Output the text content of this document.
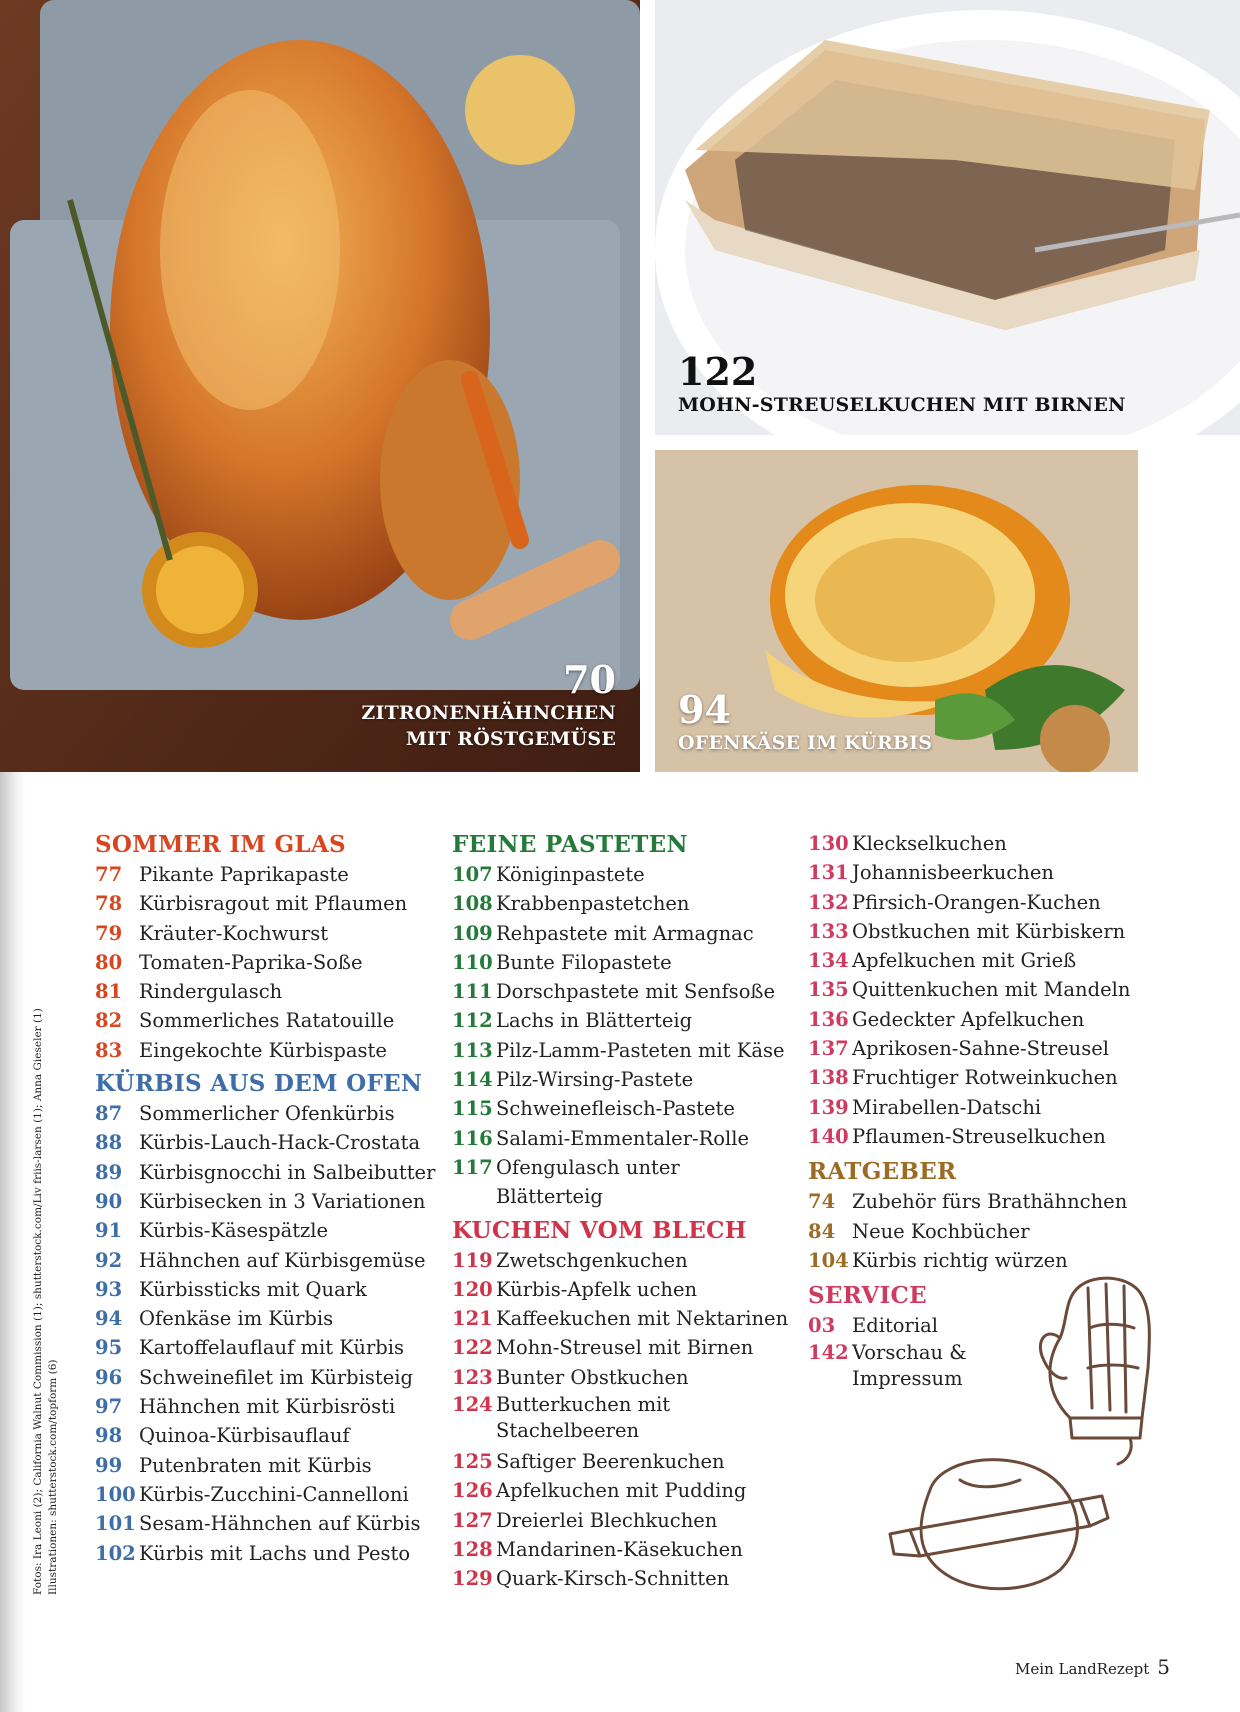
70
ZITRONENHÄHNCHEN
MIT RÖSTGEMÜSE
122
MOHN-STREUSELKUCHEN MIT BIRNEN
94
OFENKÄSE IM KÜRBIS
Fotos: Ira Leoni (2); California Walnut Commission (1); shutterstock.com/Liv friis-larsen (1); Anna Gieseler (1) Illustrationen: shutterstock.com/topform (6)
SOMMER IM GLAS
77 Pikante Paprikapaste
78 Kürbisragout mit Pflaumen
79 Kräuter-Kochwurst
80 Tomaten-Paprika-Soße
81 Rindergulasch
82 Sommerliches Ratatouille
83 Eingekochte Kürbispaste
KÜRBIS AUS DEM OFEN
87 Sommerlicher Ofenkürbis
88 Kürbis-Lauch-Hack-Crostata
89 Kürbisgnocchi in Salbeibutter
90 Kürbisecken in 3 Variationen
91 Kürbis-Käsespätzle
92 Hähnchen auf Kürbisgemüse
93 Kürbissticks mit Quark
94 Ofenkäse im Kürbis
95 Kartoffelauflauf mit Kürbis
96 Schweinefilet im Kürbisteig
97 Hähnchen mit Kürbisrösti
98 Quinoa-Kürbisauflauf
99 Putenbraten mit Kürbis
100 Kürbis-Zucchini-Cannelloni
101 Sesam-Hähnchen auf Kürbis
102 Kürbis mit Lachs und Pesto
FEINE PASTETEN
107 Königinpastete
108 Krabbenpastetchen
109 Rehpastete mit Armagnac
110 Bunte Filopastete
111 Dorschpastete mit Senfsoße
112 Lachs in Blätterteig
113 Pilz-Lamm-Pasteten mit Käse
114 Pilz-Wirsing-Pastete
115 Schweinefleisch-Pastete
116 Salami-Emmentaler-Rolle
117 Ofengulasch unter Blätterteig
KUCHEN VOM BLECH
119 Zwetschgenkuchen
120 Kürbis-Apfelk uchen
121 Kaffeekuchen mit Nektarinen
122 Mohn-Streusel mit Birnen
123 Bunter Obstkuchen
124 Butterkuchen mit
Stachelbeeren
125 Saftiger Beerenkuchen
126 Apfelkuchen mit Pudding
127 Dreierlei Blechkuchen
128 Mandarinen-Käsekuchen
129 Quark-Kirsch-Schnitten
130 Kleckselkuchen
131 Johannisbeerkuchen
132 Pfirsich-Orangen-Kuchen
133 Obstkuchen mit Kürbiskern
134 Apfelkuchen mit Grieß
135 Quittenkuchen mit Mandeln
136 Gedeckter Apfelkuchen
137 Aprikosen-Sahne-Streusel
138 Fruchtiger Rotweinkuchen
139 Mirabellen-Datschi
140 Pflaumen-Streuselkuchen
RATGEBER
74 Zubehör fürs Brathähnchen
84 Neue Kochbücher
104 Kürbis richtig würzen
SERVICE
03 Editorial
142 Vorschau &
Impressum
Mein LandRezept 5
